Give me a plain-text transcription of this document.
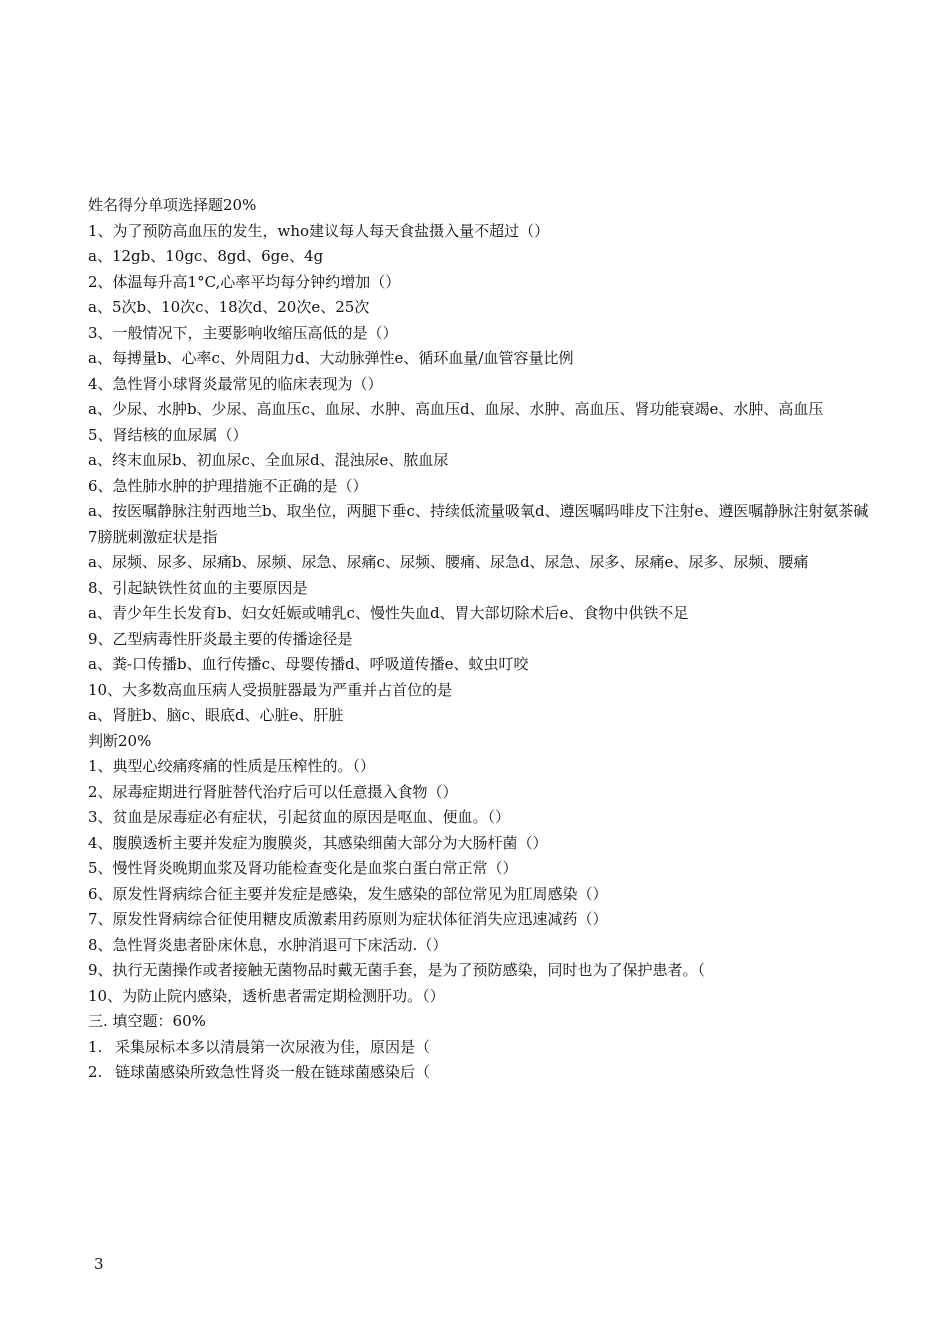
姓名得分单项选择题20%
1、为了预防高血压的发生，who建议每人每天食盐摄入量不超过（）
a、12gb、10gc、8gd、6ge、4g
2、体温每升高1°C,心率平均每分钟约增加（）
a、5次b、10次c、18次d、20次e、25次
3、一般情况下，主要影响收缩压高低的是（）
a、每搏量b、心率c、外周阻力d、大动脉弹性e、循环血量/血管容量比例
4、急性肾小球肾炎最常见的临床表现为（）
a、少尿、水肿b、少尿、高血压c、血尿、水肿、高血压d、血尿、水肿、高血压、肾功能衰竭e、水肿、高血压
5、肾结核的血尿属（）
a、终末血尿b、初血尿c、全血尿d、混浊尿e、脓血尿
6、急性肺水肿的护理措施不正确的是（）
a、按医嘱静脉注射西地兰b、取坐位，两腿下垂c、持续低流量吸氧d、遵医嘱吗啡皮下注射e、遵医嘱静脉注射氨茶碱
7膀胱刺激症状是指
a、尿频、尿多、尿痛b、尿频、尿急、尿痛c、尿频、腰痛、尿急d、尿急、尿多、尿痛e、尿多、尿频、腰痛
8、引起缺铁性贫血的主要原因是
a、青少年生长发育b、妇女妊娠或哺乳c、慢性失血d、胃大部切除术后e、食物中供铁不足
9、乙型病毒性肝炎最主要的传播途径是
a、粪-口传播b、血行传播c、母婴传播d、呼吸道传播e、蚊虫叮咬
10、大多数高血压病人受损脏器最为严重并占首位的是
a、肾脏b、脑c、眼底d、心脏e、肝脏
判断20%
1、典型心绞痛疼痛的性质是压榨性的。（）
2、尿毒症期进行肾脏替代治疗后可以任意摄入食物（）
3、贫血是尿毒症必有症状，引起贫血的原因是呕血、便血。（）
4、腹膜透析主要并发症为腹膜炎，其感染细菌大部分为大肠杆菌（）
5、慢性肾炎晚期血浆及肾功能检查变化是血浆白蛋白常正常（）
6、原发性肾病综合征主要并发症是感染，发生感染的部位常见为肛周感染（）
7、原发性肾病综合征使用糖皮质激素用药原则为症状体征消失应迅速减药（）
8、急性肾炎患者卧床休息，水肿消退可下床活动.（）
9、执行无菌操作或者接触无菌物品时戴无菌手套，是为了预防感染，同时也为了保护患者。（
10、为防止院内感染，透析患者需定期检测肝功。（）
三. 填空题：60%
1. 采集尿标本多以清晨第一次尿液为佳，原因是（
2. 链球菌感染所致急性肾炎一般在链球菌感染后（
3
